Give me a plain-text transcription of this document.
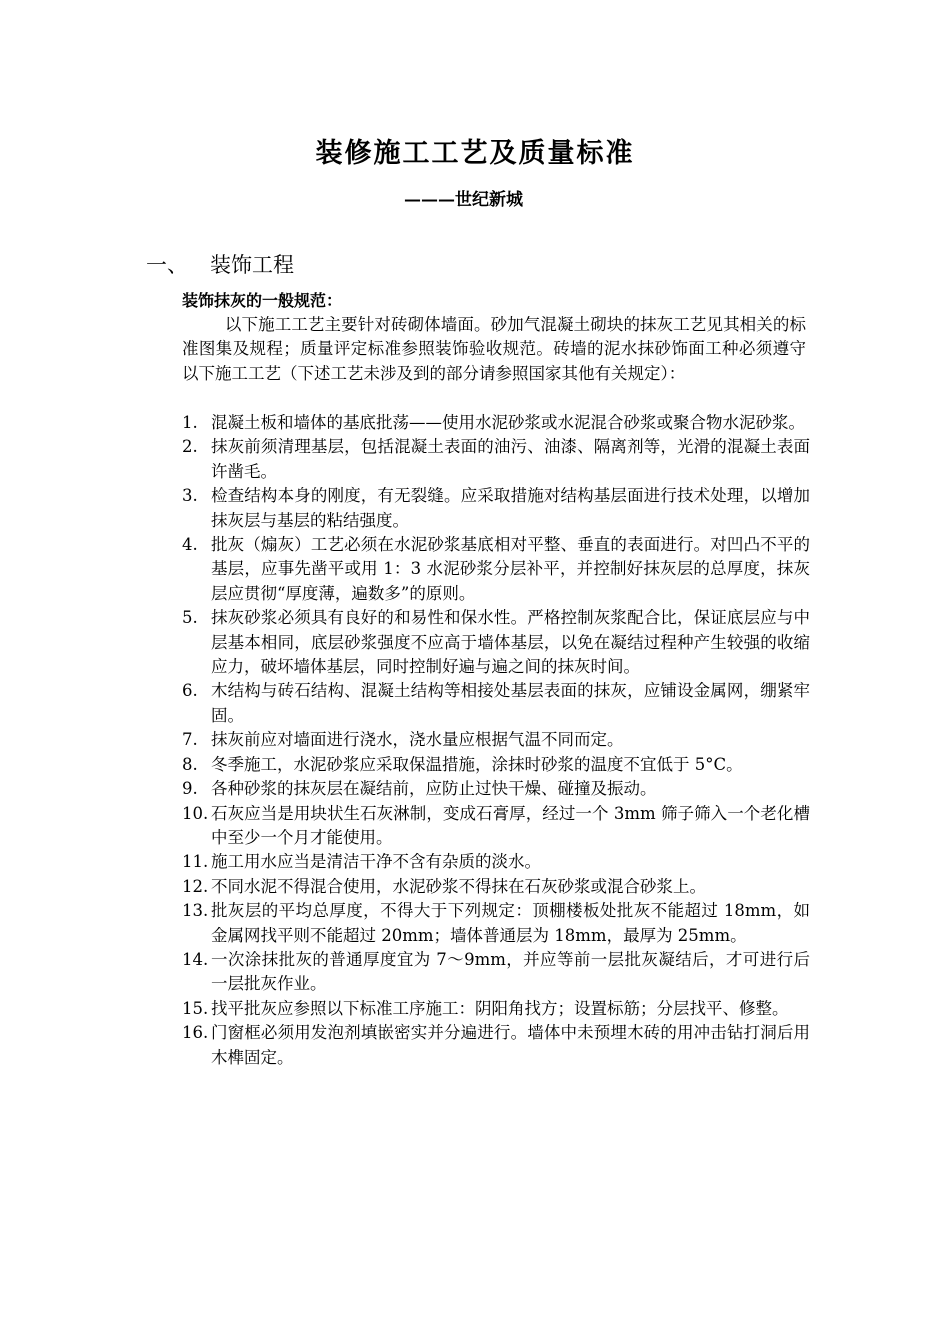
装修施工工艺及质量标准
———世纪新城
一、 装饰工程
装饰抹灰的一般规范：
以下施工工艺主要针对砖砌体墙面。砂加气混凝土砌块的抹灰工艺见其相关的标准图集及规程；质量评定标准参照装饰验收规范。砖墙的泥水抹砂饰面工种必须遵守以下施工工艺（下述工艺未涉及到的部分请参照国家其他有关规定）：
1. 混凝土板和墙体的基底批荡——使用水泥砂浆或水泥混合砂浆或聚合物水泥砂浆。
2. 抹灰前须清理基层，包括混凝土表面的油污、油漆、隔离剂等，光滑的混凝土表面许凿毛。
3. 检查结构本身的刚度，有无裂缝。应采取措施对结构基层面进行技术处理，以增加抹灰层与基层的粘结强度。
4. 批灰（煽灰）工艺必须在水泥砂浆基底相对平整、垂直的表面进行。对凹凸不平的基层，应事先凿平或用 1：3 水泥砂浆分层补平，并控制好抹灰层的总厚度，抹灰层应贯彻“厚度薄，遍数多”的原则。
5. 抹灰砂浆必须具有良好的和易性和保水性。严格控制灰浆配合比，保证底层应与中层基本相同，底层砂浆强度不应高于墙体基层，以免在凝结过程种产生较强的收缩应力，破坏墙体基层，同时控制好遍与遍之间的抹灰时间。
6. 木结构与砖石结构、混凝土结构等相接处基层表面的抹灰，应铺设金属网，绷紧牢固。
7. 抹灰前应对墙面进行浇水，浇水量应根据气温不同而定。
8. 冬季施工，水泥砂浆应采取保温措施，涂抹时砂浆的温度不宜低于 5°C。
9. 各种砂浆的抹灰层在凝结前，应防止过快干燥、碰撞及振动。
10. 石灰应当是用块状生石灰淋制，变成石膏厚，经过一个 3mm 筛子筛入一个老化槽中至少一个月才能使用。
11. 施工用水应当是清洁干净不含有杂质的淡水。
12. 不同水泥不得混合使用，水泥砂浆不得抹在石灰砂浆或混合砂浆上。
13. 批灰层的平均总厚度，不得大于下列规定：顶棚楼板处批灰不能超过 18mm，如金属网找平则不能超过 20mm；墙体普通层为 18mm，最厚为 25mm。
14. 一次涂抹批灰的普通厚度宜为 7～9mm，并应等前一层批灰凝结后，才可进行后一层批灰作业。
15. 找平批灰应参照以下标准工序施工：阴阳角找方；设置标筋；分层找平、修整。
16. 门窗框必须用发泡剂填嵌密实并分遍进行。墙体中未预埋木砖的用冲击钻打洞后用木榫固定。
